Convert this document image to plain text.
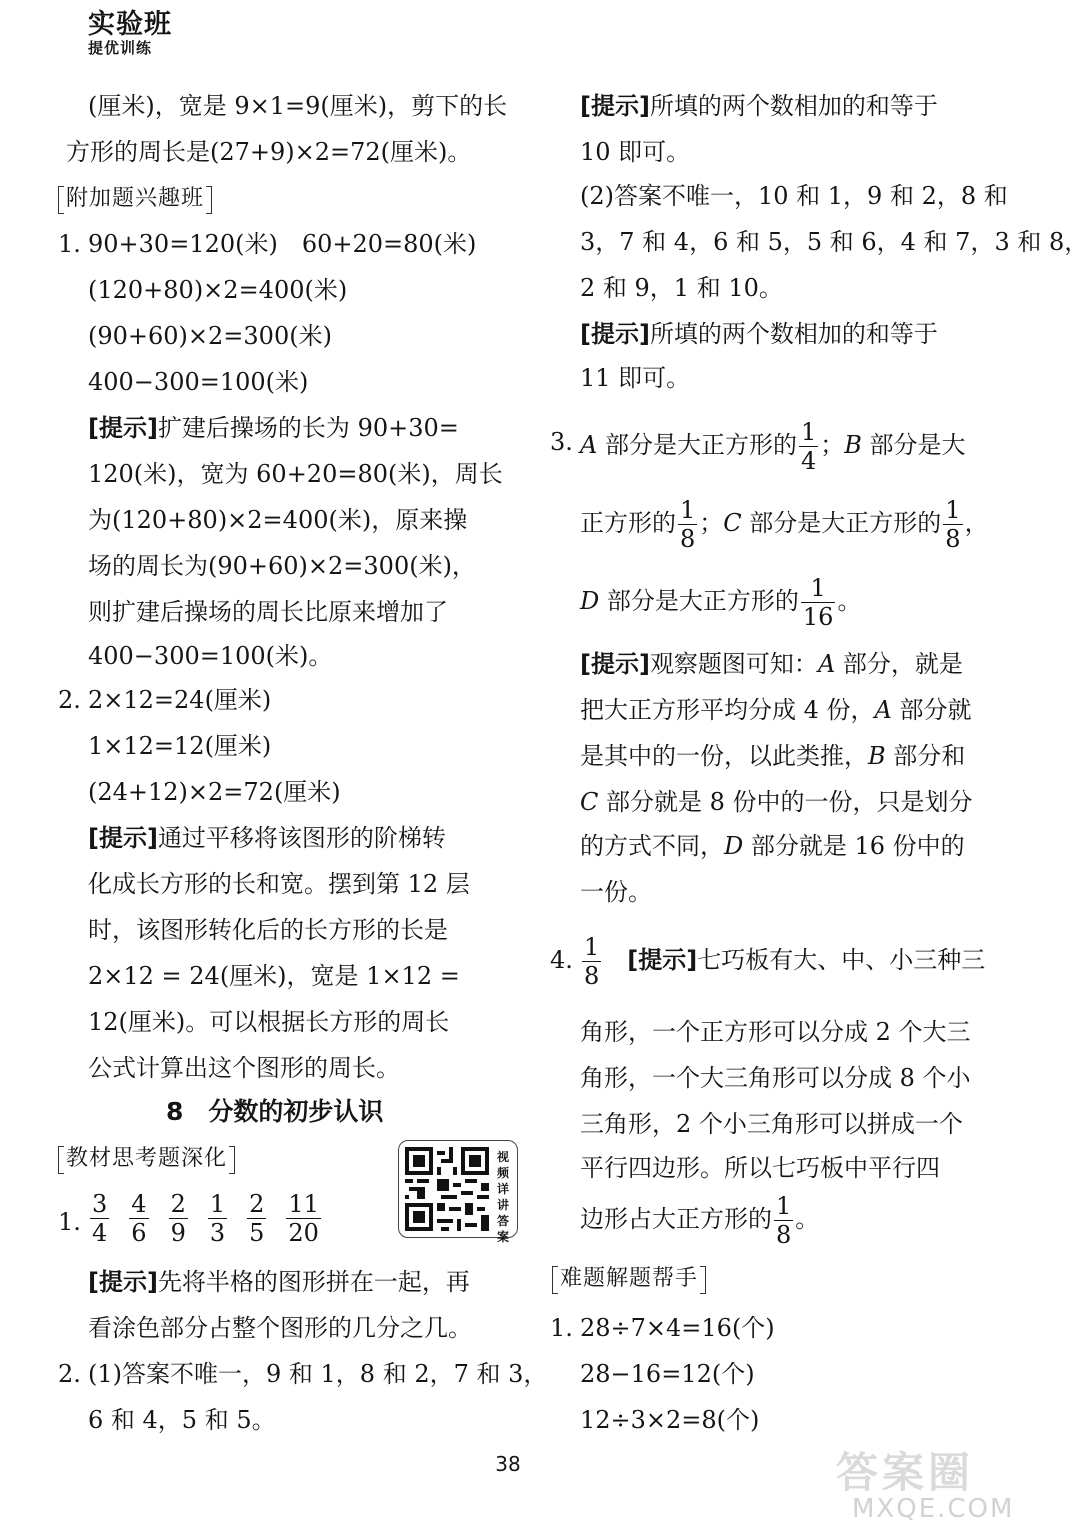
实验班
提优训练
(厘米)，宽是 9×1=9(厘米)，剪下的长
方形的周长是(27+9)×2=72(厘米)。
附加题兴趣班
1. 90+30=120(米)　60+20=80(米)
(120+80)×2=400(米)
(90+60)×2=300(米)
400−300=100(米)
[提示]扩建后操场的长为 90+30=
120(米)，宽为 60+20=80(米)，周长
为(120+80)×2=400(米)，原来操
场的周长为(90+60)×2=300(米)，
则扩建后操场的周长比原来增加了
400−300=100(米)。
2. 2×12=24(厘米)
1×12=12(厘米)
(24+12)×2=72(厘米)
[提示]通过平移将该图形的阶梯转
化成长方形的长和宽。摆到第 12 层
时，该图形转化后的长方形的长是
2×12 = 24(厘米)，宽是 1×12 =
12(厘米)。可以根据长方形的周长
公式计算出这个图形的周长。
8　 分数的初步认识
教材思考题深化	视频详讲答案
1. $\frac{3}{4} \frac{4}{6} \frac{2}{9} \frac{1}{3} \frac{2}{5} \frac{11}{20}$
[提示]先将半格的图形拼在一起，再
看涂色部分占整个图形的几分之几。
2. (1)答案不唯一，9 和 1，8 和 2，7 和 3，
6 和 4，5 和 5。
[提示]所填的两个数相加的和等于
10 即可。
(2)答案不唯一，10 和 1，9 和 2，8 和
3，7 和 4，6 和 5，5 和 6，4 和 7，3 和 8，
2 和 9，1 和 10。
[提示]所填的两个数相加的和等于
11 即可。
3. A 部分是大正方形的 $\frac{1}{4}$ ；B 部分是大
正方形的 $\frac{1}{8}$ ；C 部分是大正方形的 $\frac{1}{8}$ ，
D 部分是大正方形的 $\frac{1}{16}$ 。
[提示]观察题图可知：A 部分，就是
把大正方形平均分成 4 份，A 部分就
是其中的一份，以此类推，B 部分和
C 部分就是 8 份中的一份，只是划分
的方式不同，D 部分就是 16 份中的
一份。
4. $\frac{1}{8}$
　 [提示]七巧板有大、中、小三种三
角形，一个正方形可以分成 2 个大三
角形，一个大三角形可以分成 8 个小
三角形，2 个小三角形可以拼成一个
平行四边形。所以七巧板中平行四
边形占大正方形的 $\frac{1}{8}$ 。
难题解题帮手
1. 28÷7×4=16(个)
28−16=12(个)
12÷3×2=8(个)
38	答案圈
MXQE.COM
